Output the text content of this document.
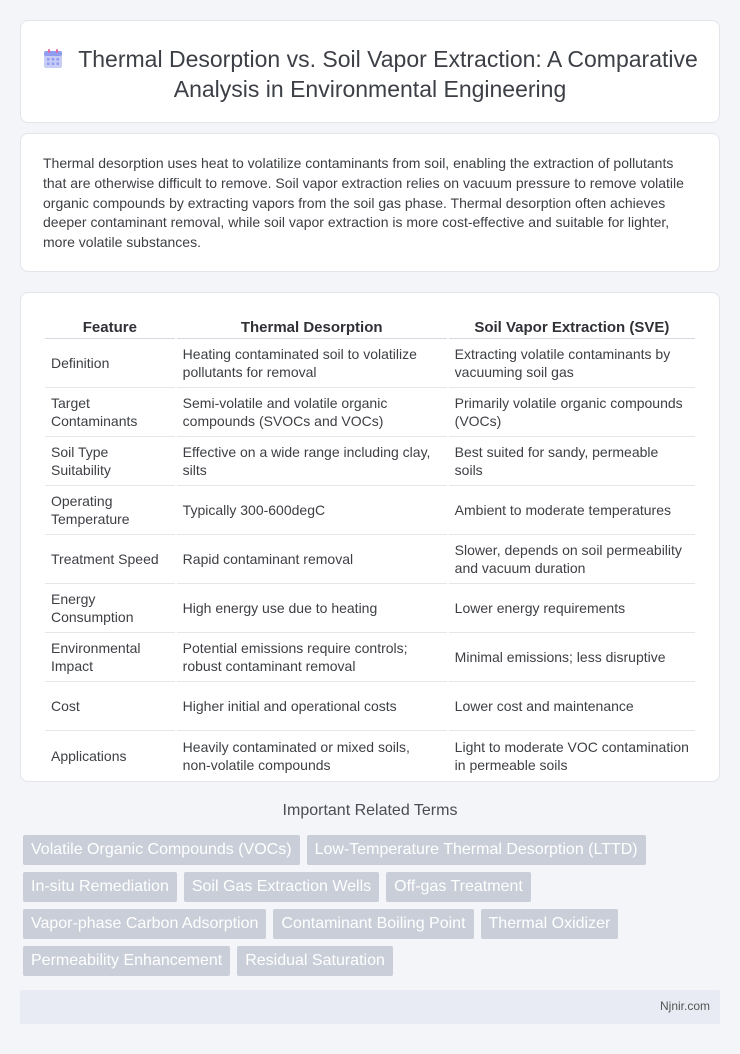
Thermal Desorption vs. Soil Vapor Extraction: A Comparative Analysis in Environmental Engineering

Thermal desorption uses heat to volatilize contaminants from soil, enabling the extraction of pollutants that are otherwise difficult to remove. Soil vapor extraction relies on vacuum pressure to remove volatile organic compounds by extracting vapors from the soil gas phase. Thermal desorption often achieves deeper contaminant removal, while soil vapor extraction is more cost-effective and suitable for lighter, more volatile substances.

Feature	Thermal Desorption	Soil Vapor Extraction (SVE)
Definition	Heating contaminated soil to volatilize pollutants for removal	Extracting volatile contaminants by vacuuming soil gas
Target Contaminants	Semi-volatile and volatile organic compounds (SVOCs and VOCs)	Primarily volatile organic compounds (VOCs)
Soil Type Suitability	Effective on a wide range including clay, silts	Best suited for sandy, permeable soils
Operating Temperature	Typically 300-600degC	Ambient to moderate temperatures
Treatment Speed	Rapid contaminant removal	Slower, depends on soil permeability and vacuum duration
Energy Consumption	High energy use due to heating	Lower energy requirements
Environmental Impact	Potential emissions require controls; robust contaminant removal	Minimal emissions; less disruptive
Cost	Higher initial and operational costs	Lower cost and maintenance
Applications	Heavily contaminated or mixed soils, non-volatile compounds	Light to moderate VOC contamination in permeable soils
Important Related Terms
Volatile Organic Compounds (VOCs)	Low-Temperature Thermal Desorption (LTTD)
In-situ Remediation	Soil Gas Extraction Wells	Off-gas Treatment
Vapor-phase Carbon Adsorption	Contaminant Boiling Point	Thermal Oxidizer
Permeability Enhancement	Residual Saturation
Njnir.com
